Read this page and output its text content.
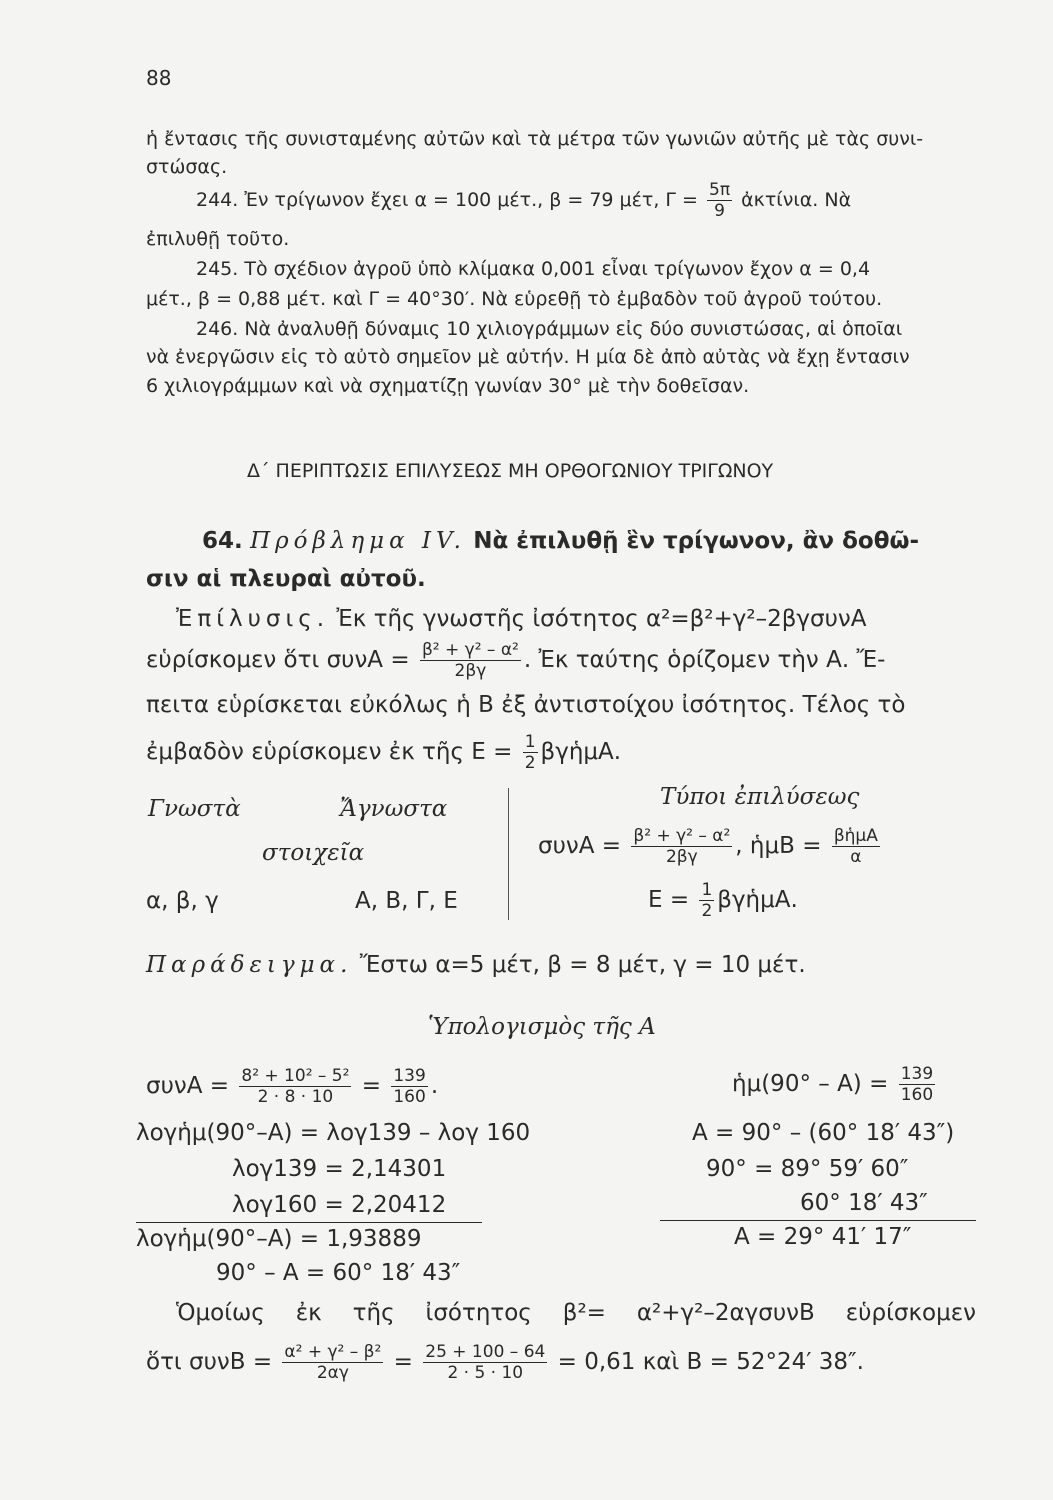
88
ἡ ἔντασις τῆς συνισταμένης αὐτῶν καὶ τὰ μέτρα τῶν γωνιῶν αὐτῆς μὲ τὰς συνι-
στώσας.
244. Ἐν τρίγωνον ἔχει α = 100 μέτ., β = 79 μέτ, $\Gamma = \frac{5\pi}{9}$ ἀκτίνια. Νὰ
ἐπιλυθῇ τοῦτο.
245. Τὸ σχέδιον ἀγροῦ ὑπὸ κλίμακα 0,001 εἶναι τρίγωνον ἔχον α = 0,4
μέτ., β = 0,88 μέτ. καὶ Γ = 40°30′. Νὰ εὑρεθῇ τὸ ἐμβαδὸν τοῦ ἀγροῦ τούτου.
246. Νὰ ἀναλυθῇ δύναμις 10 χιλιογράμμων εἰς δύο συνιστώσας, αἱ ὁποῖαι
νὰ ἐνεργῶσιν εἰς τὸ αὐτὸ σημεῖον μὲ αὐτήν. Η μία δὲ ἀπὸ αὐτὰς νὰ ἔχῃ ἔντασιν
6 χιλιογράμμων καὶ νὰ σχηματίζῃ γωνίαν 30° μὲ τὴν δοθεῖσαν.
Δ΄ ΠΕΡΙΠΤΩΣΙΣ ΕΠΙΛΥΣΕΩΣ ΜΗ ΟΡΘΟΓΩΝΙΟΥ ΤΡΙΓΩΝΟΥ
64. Πρόβλημα IV. Νὰ ἐπιλυθῇ ἓν τρίγωνον, ἂν δοθῶ-
σιν αἱ πλευραὶ αὐτοῦ.
Ἐπίλυσις. Ἐκ τῆς γνωστῆς ἰσότητος α²=β²+γ²–2βγσυνΑ
εὑρίσκομεν ὅτι $\sigma\upsilon\nu A = \frac{\text{β² + γ² – α²}}{2\beta\gamma}$ . Ἐκ ταύτης ὁρίζομεν τὴν Α. Ἔ-
πειτα εὑρίσκεται εὐκόλως ἡ Β ἐξ ἀντιστοίχου ἰσότητος. Τέλος τὸ
ἐμβαδὸν εὑρίσκομεν ἐκ τῆς $E = \frac{1}{2}$ βγἡμΑ.
Γνωστὰ	Ἄγνωστα
στοιχεῖα
α, β, γ	Α, Β, Γ, Ε
Τύποι ἐπιλύσεως
$\sigma\upsilon\nu A = \frac{\text{β² + γ² – α²}}{2\beta\gamma}$ , ἡμΒ = $\frac{\text{βἡμΑ}}{\alpha}$
$E = \frac{1}{2}$ βγἡμΑ.
Παράδειγμα. Ἔστω α=5 μέτ, β = 8 μέτ, γ = 10 μέτ.
Ὑπολογισμὸς τῆς Α
$\sigma\upsilon\nu A = \frac{\text{8² + 10² – 5²}}{2 \cdot 8 \cdot 10} = \frac{139}{160}$ .	ἡμ(90° – $A) = \frac{139}{160}$
λογἡμ(90°–Α) = λογ139 – λογ 160
λογ139 = 2,14301
λογ160 = 2,20412
λογἡμ(90°–Α) = 1,93889
90° – Α = 60° 18′ 43″
Α = 90° – (60° 18′ 43″)
90° = 89° 59′ 60″
60° 18′ 43″
Α = 29° 41′ 17″
Ὁμοίως ἐκ τῆς ἰσότητος β²= α²+γ²–2αγσυνΒ εὑρίσκομεν
ὅτι $\sigma\upsilon\nu B = \frac{\text{α² + γ² – β²}}{2\alpha\gamma} = \frac{25 + 100 - 64}{2 \cdot 5 \cdot 10} = 0,61$ καὶ Β = 52°24′ 38″.
